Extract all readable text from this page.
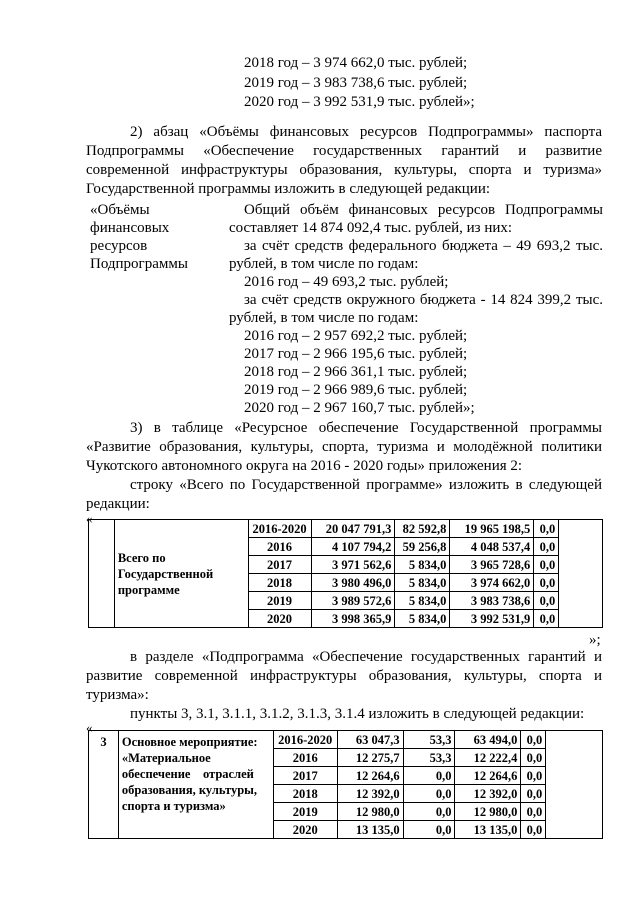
2018 год – 3 974 662,0 тыс. рублей;
2019 год – 3 983 738,6 тыс. рублей;
2020 год – 3 992 531,9 тыс. рублей»;
2) абзац «Объёмы финансовых ресурсов Подпрограммы» паспорта
Подпрограммы «Обеспечение государственных гарантий и развитие
современной инфраструктуры образования, культуры, спорта и туризма»
Государственной программы изложить в следующей редакции:
«Объёмы
финансовых
ресурсов
Подпрограммы
Общий объём финансовых ресурсов Подпрограммы
составляет 14 874 092,4 тыс. рублей, из них:
за счёт средств федерального бюджета – 49 693,2 тыс.
рублей, в том числе по годам:
2016 год – 49 693,2 тыс. рублей;
за счёт средств окружного бюджета - 14 824 399,2 тыс.
рублей, в том числе по годам:
2016 год – 2 957 692,2 тыс. рублей;
2017 год – 2 966 195,6 тыс. рублей;
2018 год – 2 966 361,1 тыс. рублей;
2019 год – 2 966 989,6 тыс. рублей;
2020 год – 2 967 160,7 тыс. рублей»;
3) в таблице «Ресурсное обеспечение Государственной программы
«Развитие образования, культуры, спорта, туризма и молодёжной политики
Чукотского автономного округа на 2016 - 2020 годы» приложения 2:
строку «Всего по Государственной программе» изложить в следующей
редакции:
«
	Всего по Государственной программе	2016-2020	20 047 791,3	82 592,8	19 965 198,5	0,0	
		2016	4 107 794,2	59 256,8	4 048 537,4	0,0	
		2017	3 971 562,6	5 834,0	3 965 728,6	0,0	
		2018	3 980 496,0	5 834,0	3 974 662,0	0,0	
		2019	3 989 572,6	5 834,0	3 983 738,6	0,0	
		2020	3 998 365,9	5 834,0	3 992 531,9	0,0	
»;
в разделе «Подпрограмма «Обеспечение государственных гарантий и
развитие современной инфраструктуры образования, культуры, спорта и
туризма»:
пункты 3, 3.1, 3.1.1, 3.1.2, 3.1.3, 3.1.4 изложить в следующей редакции:
«
3	Основное мероприятие:
«Материальное
обеспечение    отраслей
образования, культуры,
спорта и туризма»	2016-2020	63 047,3	53,3	63 494,0	0,0	
		2016	12 275,7	53,3	12 222,4	0,0	
		2017	12 264,6	0,0	12 264,6	0,0	
		2018	12 392,0	0,0	12 392,0	0,0	
		2019	12 980,0	0,0	12 980,0	0,0	
		2020	13 135,0	0,0	13 135,0	0,0	
